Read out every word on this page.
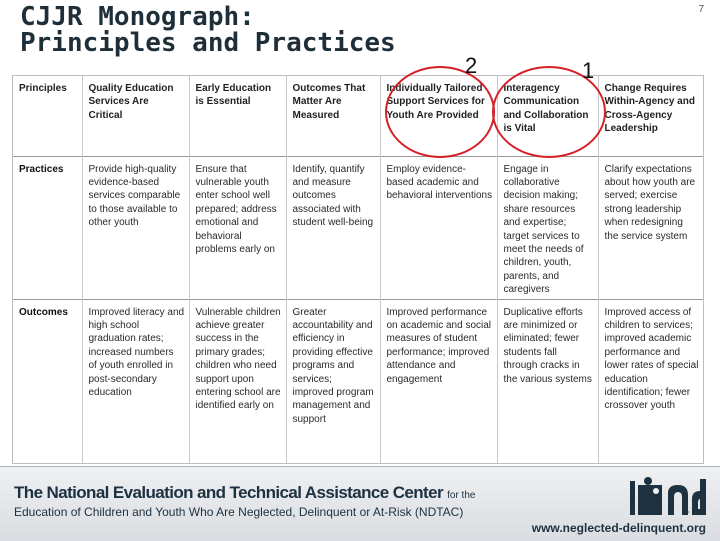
CJJR Monograph:
Principles and Practices
7
Principles	Quality Education Services Are Critical	Early Education is Essential	Outcomes That Matter Are Measured	Individually Tailored Support Services for Youth Are Provided	Interagency Communication and Collaboration is Vital	Change Requires Within-Agency and Cross-Agency Leadership
Practices	Provide high-quality evidence-based services comparable to those available to other youth	Ensure that vulnerable youth enter school well prepared; address emotional and behavioral problems early on	Identify, quantify and measure outcomes associated with student well-being	Employ evidence-based academic and behavioral interventions	Engage in collaborative decision making; share resources and expertise; target services to meet the needs of children, youth, parents, and caregivers	Clarify expectations about how youth are served; exercise strong leadership when redesigning the service system
Outcomes	Improved literacy and high school graduation rates; increased numbers of youth enrolled in post-secondary education	Vulnerable children achieve greater success in the primary grades; children who need support upon entering school are identified early on	Greater accountability and efficiency in providing effective programs and services; improved program management and support	Improved performance on academic and social measures of student performance; improved attendance and engagement	Duplicative efforts are minimized or eliminated; fewer students fall through cracks in the various systems	Improved access of children to services; improved academic performance and lower rates of special education identification; fewer crossover youth
2	1
The National Evaluation and Technical Assistance Center for the
Education of Children and Youth Who Are Neglected, Delinquent or At-Risk (NDTAC)	nd
www.neglected-delinquent.org
